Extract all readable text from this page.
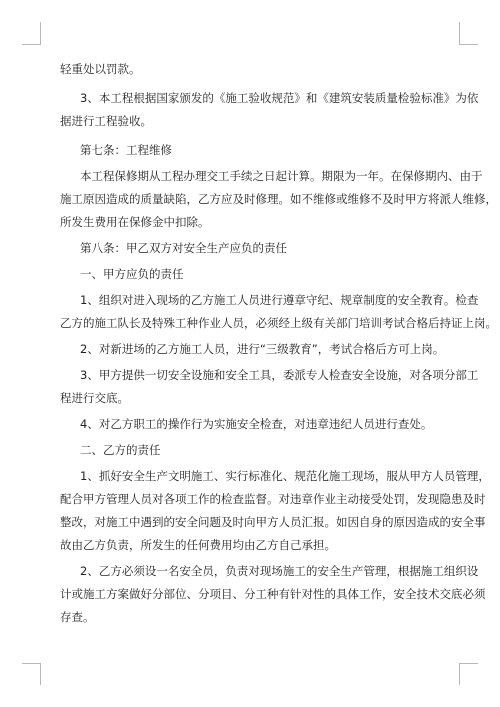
轻重处以罚款。
3、本工程根据国家颁发的《施工验收规范》和《建筑安装质量检验标准》为依
据进行工程验收。
第七条：工程维修
本工程保修期从工程办理交工手续之日起计算。期限为一年。在保修期内、由于
施工原因造成的质量缺陷，乙方应及时修理。如不维修或维修不及时甲方将派人维修，
所发生费用在保修金中扣除。
第八条：甲乙双方对安全生产应负的责任
一、甲方应负的责任
1、组织对进入现场的乙方施工人员进行遵章守纪、规章制度的安全教育。检查
乙方的施工队长及特殊工种作业人员，必须经上级有关部门培训考试合格后持证上岗。
2、对新进场的乙方施工人员，进行“三级教育”，考试合格后方可上岗。
3、甲方提供一切安全设施和安全工具，委派专人检查安全设施，对各项分部工
程进行交底。
4、对乙方职工的操作行为实施安全检查，对违章违纪人员进行查处。
二、乙方的责任
1、抓好安全生产文明施工、实行标准化、规范化施工现场，服从甲方人员管理，
配合甲方管理人员对各项工作的检查监督。对违章作业主动接受处罚，发现隐患及时
整改，对施工中遇到的安全问题及时向甲方人员汇报。如因自身的原因造成的安全事
故由乙方负责，所发生的任何费用均由乙方自己承担。
2、乙方必须设一名安全员，负责对现场施工的安全生产管理，根据施工组织设
计或施工方案做好分部位、分项目、分工种有针对性的具体工作，安全技术交底必须
存查。
